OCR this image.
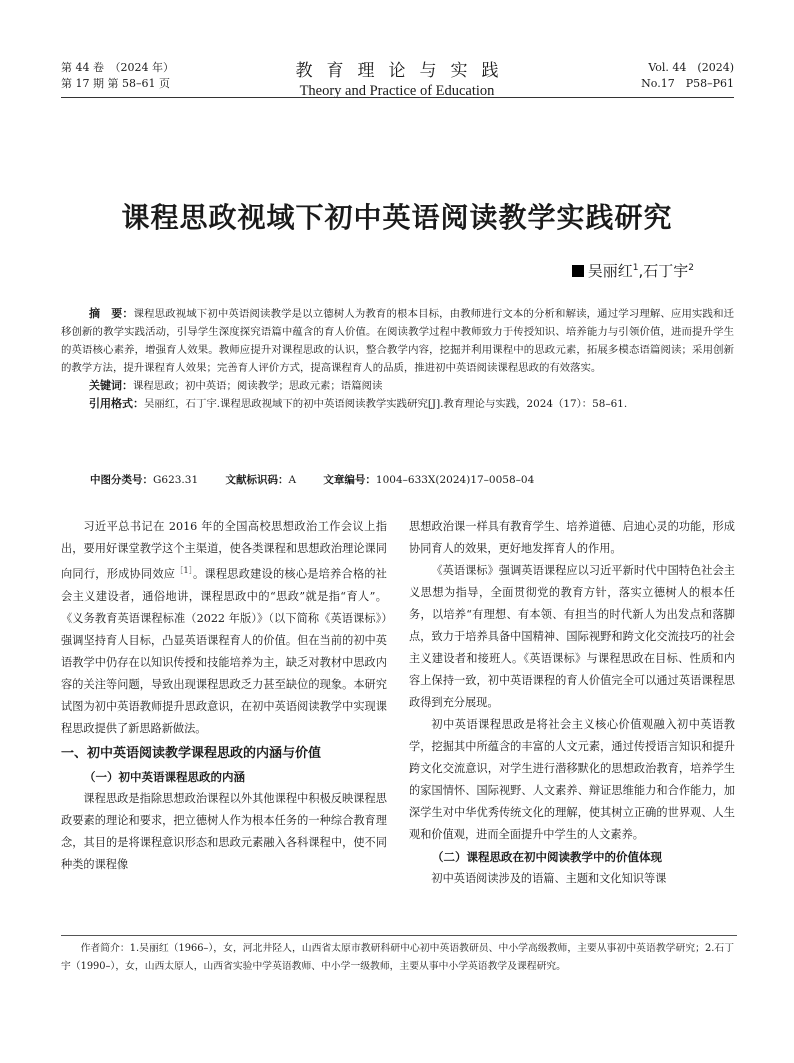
第 44 卷　（2024 年）
第 17 期 第 58–61 页
教育理论与实践
Theory and Practice of Education
Vol. 44　(2024)
No.17　P58–P61
课程思政视域下初中英语阅读教学实践研究
吴丽红$^1$,石丁宇$^2$

摘　要：课程思政视域下初中英语阅读教学是以立德树人为教育的根本目标，由教师进行文本的分析和解读，通过学习理解、应用实践和迁移创新的教学实践活动，引导学生深度探究语篇中蕴含的育人价值。在阅读教学过程中教师致力于传授知识、培养能力与引领价值，进而提升学生的英语核心素养，增强育人效果。教师应提升对课程思政的认识，整合教学内容，挖掘并利用课程中的思政元素，拓展多模态语篇阅读；采用创新的教学方法，提升课程育人效果；完善育人评价方式，提高课程育人的品质，推进初中英语阅读课程思政的有效落实。

关键词：课程思政；初中英语；阅读教学；思政元素；语篇阅读

引用格式：吴丽红，石丁宇.课程思政视域下的初中英语阅读教学实践研究[J].教育理论与实践，2024（17）：58–61.

中图分类号：G623.31	文献标识码：A	文章编号：1004–633X(2024)17–0058–04

习近平总书记在 2016 年的全国高校思想政治工作会议上指出，要用好课堂教学这个主渠道，使各类课程和思想政治理论课同向同行，形成协同效应$^{[1]}$。课程思政建设的核心是培养合格的社会主义建设者，通俗地讲，课程思政中的“思政”就是指“育人”。《义务教育英语课程标准（2022 年版）》（以下简称《英语课标》）强调坚持育人目标，凸显英语课程育人的价值。但在当前的初中英语教学中仍存在以知识传授和技能培养为主，缺乏对教材中思政内容的关注等问题，导致出现课程思政乏力甚至缺位的现象。本研究试图为初中英语教师提升思政意识，在初中英语阅读教学中实现课程思政提供了新思路新做法。

一、初中英语阅读教学课程思政的内涵与价值

（一）初中英语课程思政的内涵

课程思政是指除思想政治课程以外其他课程中积极反映课程思政要素的理论和要求，把立德树人作为根本任务的一种综合教育理念，其目的是将课程意识形态和思政元素融入各科课程中，使不同种类的课程像

思想政治课一样具有教育学生、培养道德、启迪心灵的功能，形成协同育人的效果，更好地发挥育人的作用。

《英语课标》强调英语课程应以习近平新时代中国特色社会主义思想为指导，全面贯彻党的教育方针，落实立德树人的根本任务，以培养“有理想、有本领、有担当的时代新人为出发点和落脚点，致力于培养具备中国精神、国际视野和跨文化交流技巧的社会主义建设者和接班人。《英语课标》与课程思政在目标、性质和内容上保持一致，初中英语课程的育人价值完全可以通过英语课程思政得到充分展现。

初中英语课程思政是将社会主义核心价值观融入初中英语教学，挖掘其中所蕴含的丰富的人文元素，通过传授语言知识和提升跨文化交流意识，对学生进行潜移默化的思想政治教育，培养学生的家国情怀、国际视野、人文素养、辩证思维能力和合作能力，加深学生对中华优秀传统文化的理解，使其树立正确的世界观、人生观和价值观，进而全面提升中学生的人文素养。

（二）课程思政在初中阅读教学中的价值体现

初中英语阅读涉及的语篇、主题和文化知识等课

作者简介：1.吴丽红（1966–），女，河北井陉人，山西省太原市教研科研中心初中英语教研员、中小学高级教师，主要从事初中英语教学研究；2.石丁宇（1990–），女，山西太原人，山西省实验中学英语教师、中小学一级教师，主要从事中小学英语教学及课程研究。
